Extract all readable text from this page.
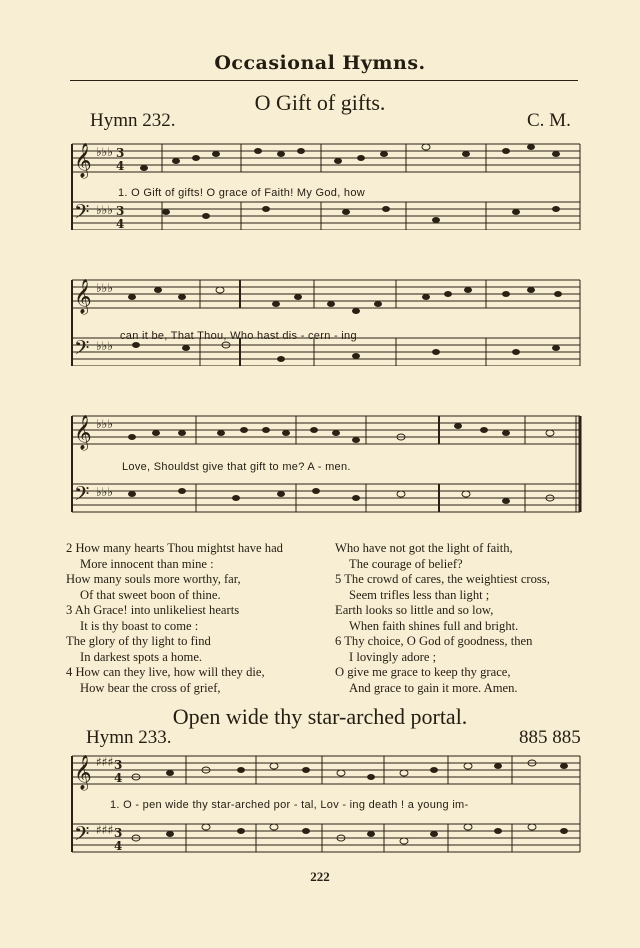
Occasional Hymns.
O Gift of gifts.
Hymn 232.	C. M.
𝄞
𝄢
♭♭♭
♭♭♭
3
4
3
4
1. O Gift of gifts! O grace of Faith! My God, how
𝄞
𝄢
♭♭♭
♭♭♭
can it be, That Thou, Who hast dis - cern - ing
𝄞
𝄢
♭♭♭
♭♭♭
Love, Shouldst give that gift to me? A - men.
2 How many hearts Thou mightst have had
More innocent than mine :
How many souls more worthy, far,
Of that sweet boon of thine.
3 Ah Grace! into unlikeliest hearts
It is thy boast to come :
The glory of thy light to find
In darkest spots a home.
4 How can they live, how will they die,
How bear the cross of grief,
Who have not got the light of faith,
The courage of belief?
5 The crowd of cares, the weightiest cross,
Seem trifles less than light ;
Earth looks so little and so low,
When faith shines full and bright.
6 Thy choice, O God of goodness, then
I lovingly adore ;
O give me grace to keep thy grace,
And grace to gain it more. Amen.
Open wide thy star-arched portal.
Hymn 233.	885 885
𝄞
𝄢
♯♯♯
♯♯♯
3
4
3
4
1. O - pen wide thy star-arched por - tal, Lov - ing death ! a young im-
222
